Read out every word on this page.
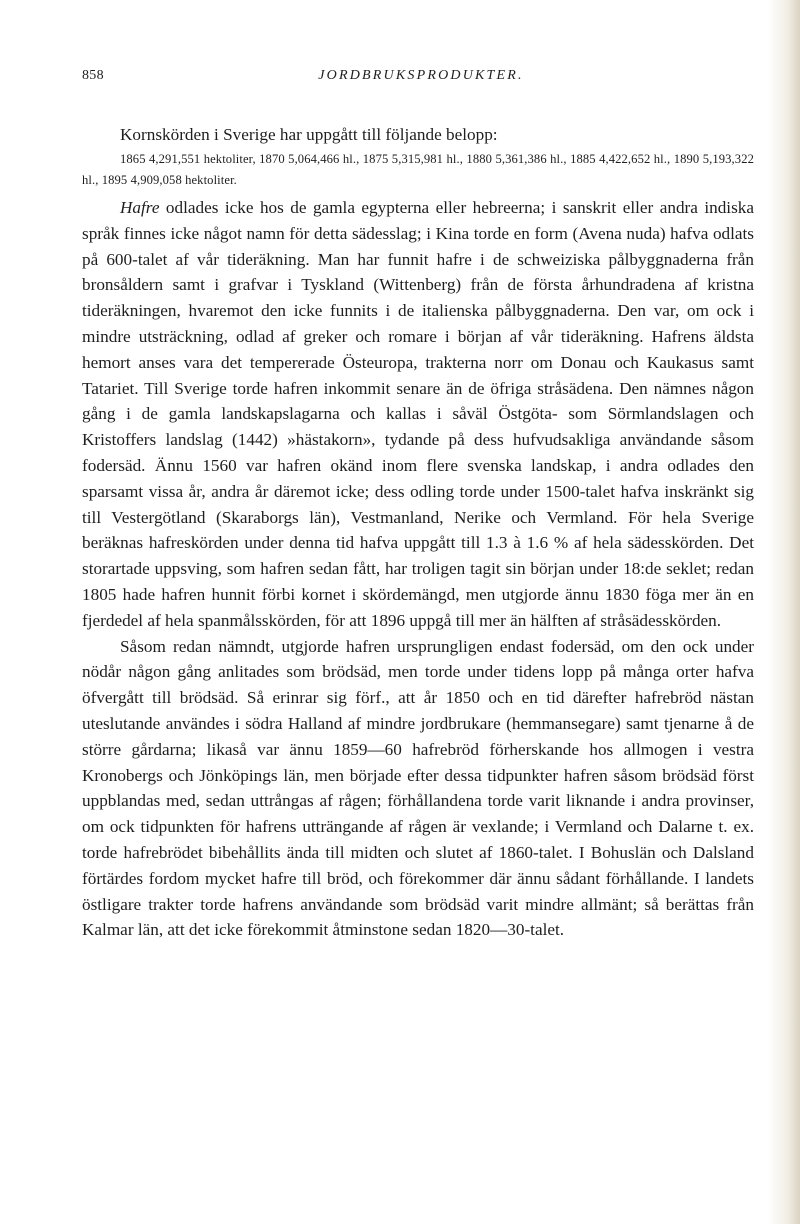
858	JORDBRUKSPRODUKTER.

Kornskörden i Sverige har uppgått till följande belopp:

1865 4,291,551 hektoliter, 1870 5,064,466 hl., 1875 5,315,981 hl., 1880 5,361,386 hl., 1885 4,422,652 hl., 1890 5,193,322 hl., 1895 4,909,058 hektoliter.

Hafre odlades icke hos de gamla egypterna eller hebreerna; i sanskrit eller andra indiska språk finnes icke något namn för detta sädesslag; i Kina torde en form (Avena nuda) hafva odlats på 600-talet af vår tideräkning. Man har funnit hafre i de schweiziska pålbyggnaderna från bronsåldern samt i grafvar i Tyskland (Wittenberg) från de första århundradena af kristna tideräkningen, hvaremot den icke funnits i de italienska pålbyggnaderna. Den var, om ock i mindre utsträckning, odlad af greker och romare i början af vår tideräkning. Hafrens äldsta hemort anses vara det tempererade Östeuropa, trakterna norr om Donau och Kaukasus samt Tatariet. Till Sverige torde hafren inkommit senare än de öfriga stråsädena. Den nämnes någon gång i de gamla landskapslagarna och kallas i såväl Östgöta- som Sörmlandslagen och Kristoffers landslag (1442) »hästakorn», tydande på dess hufvudsakliga användande såsom fodersäd. Ännu 1560 var hafren okänd inom flere svenska landskap, i andra odlades den sparsamt vissa år, andra år däremot icke; dess odling torde under 1500-talet hafva inskränkt sig till Vestergötland (Skaraborgs län), Vestmanland, Nerike och Vermland. För hela Sverige beräknas hafreskörden under denna tid hafva uppgått till 1.3 à 1.6 % af hela sädesskörden. Det storartade uppsving, som hafren sedan fått, har troligen tagit sin början under 18:de seklet; redan 1805 hade hafren hunnit förbi kornet i skördemängd, men utgjorde ännu 1830 föga mer än en fjerdedel af hela spanmålsskörden, för att 1896 uppgå till mer än hälften af stråsädesskörden.

Såsom redan nämndt, utgjorde hafren ursprungligen endast fodersäd, om den ock under nödår någon gång anlitades som brödsäd, men torde under tidens lopp på många orter hafva öfvergått till brödsäd. Så erinrar sig förf., att år 1850 och en tid därefter hafrebröd nästan uteslutande användes i södra Halland af mindre jordbrukare (hemmansegare) samt tjenarne å de större gårdarna; likaså var ännu 1859—60 hafrebröd förherskande hos allmogen i vestra Kronobergs och Jönköpings län, men började efter dessa tidpunkter hafren såsom brödsäd först uppblandas med, sedan uttrångas af rågen; förhållandena torde varit liknande i andra provinser, om ock tidpunkten för hafrens utträngande af rågen är vexlande; i Vermland och Dalarne t. ex. torde hafrebrödet bibehållits ända till midten och slutet af 1860-talet. I Bohuslän och Dalsland förtärdes fordom mycket hafre till bröd, och förekommer där ännu sådant förhållande. I landets östligare trakter torde hafrens användande som brödsäd varit mindre allmänt; så berättas från Kalmar län, att det icke förekommit åtminstone sedan 1820—30-talet.
